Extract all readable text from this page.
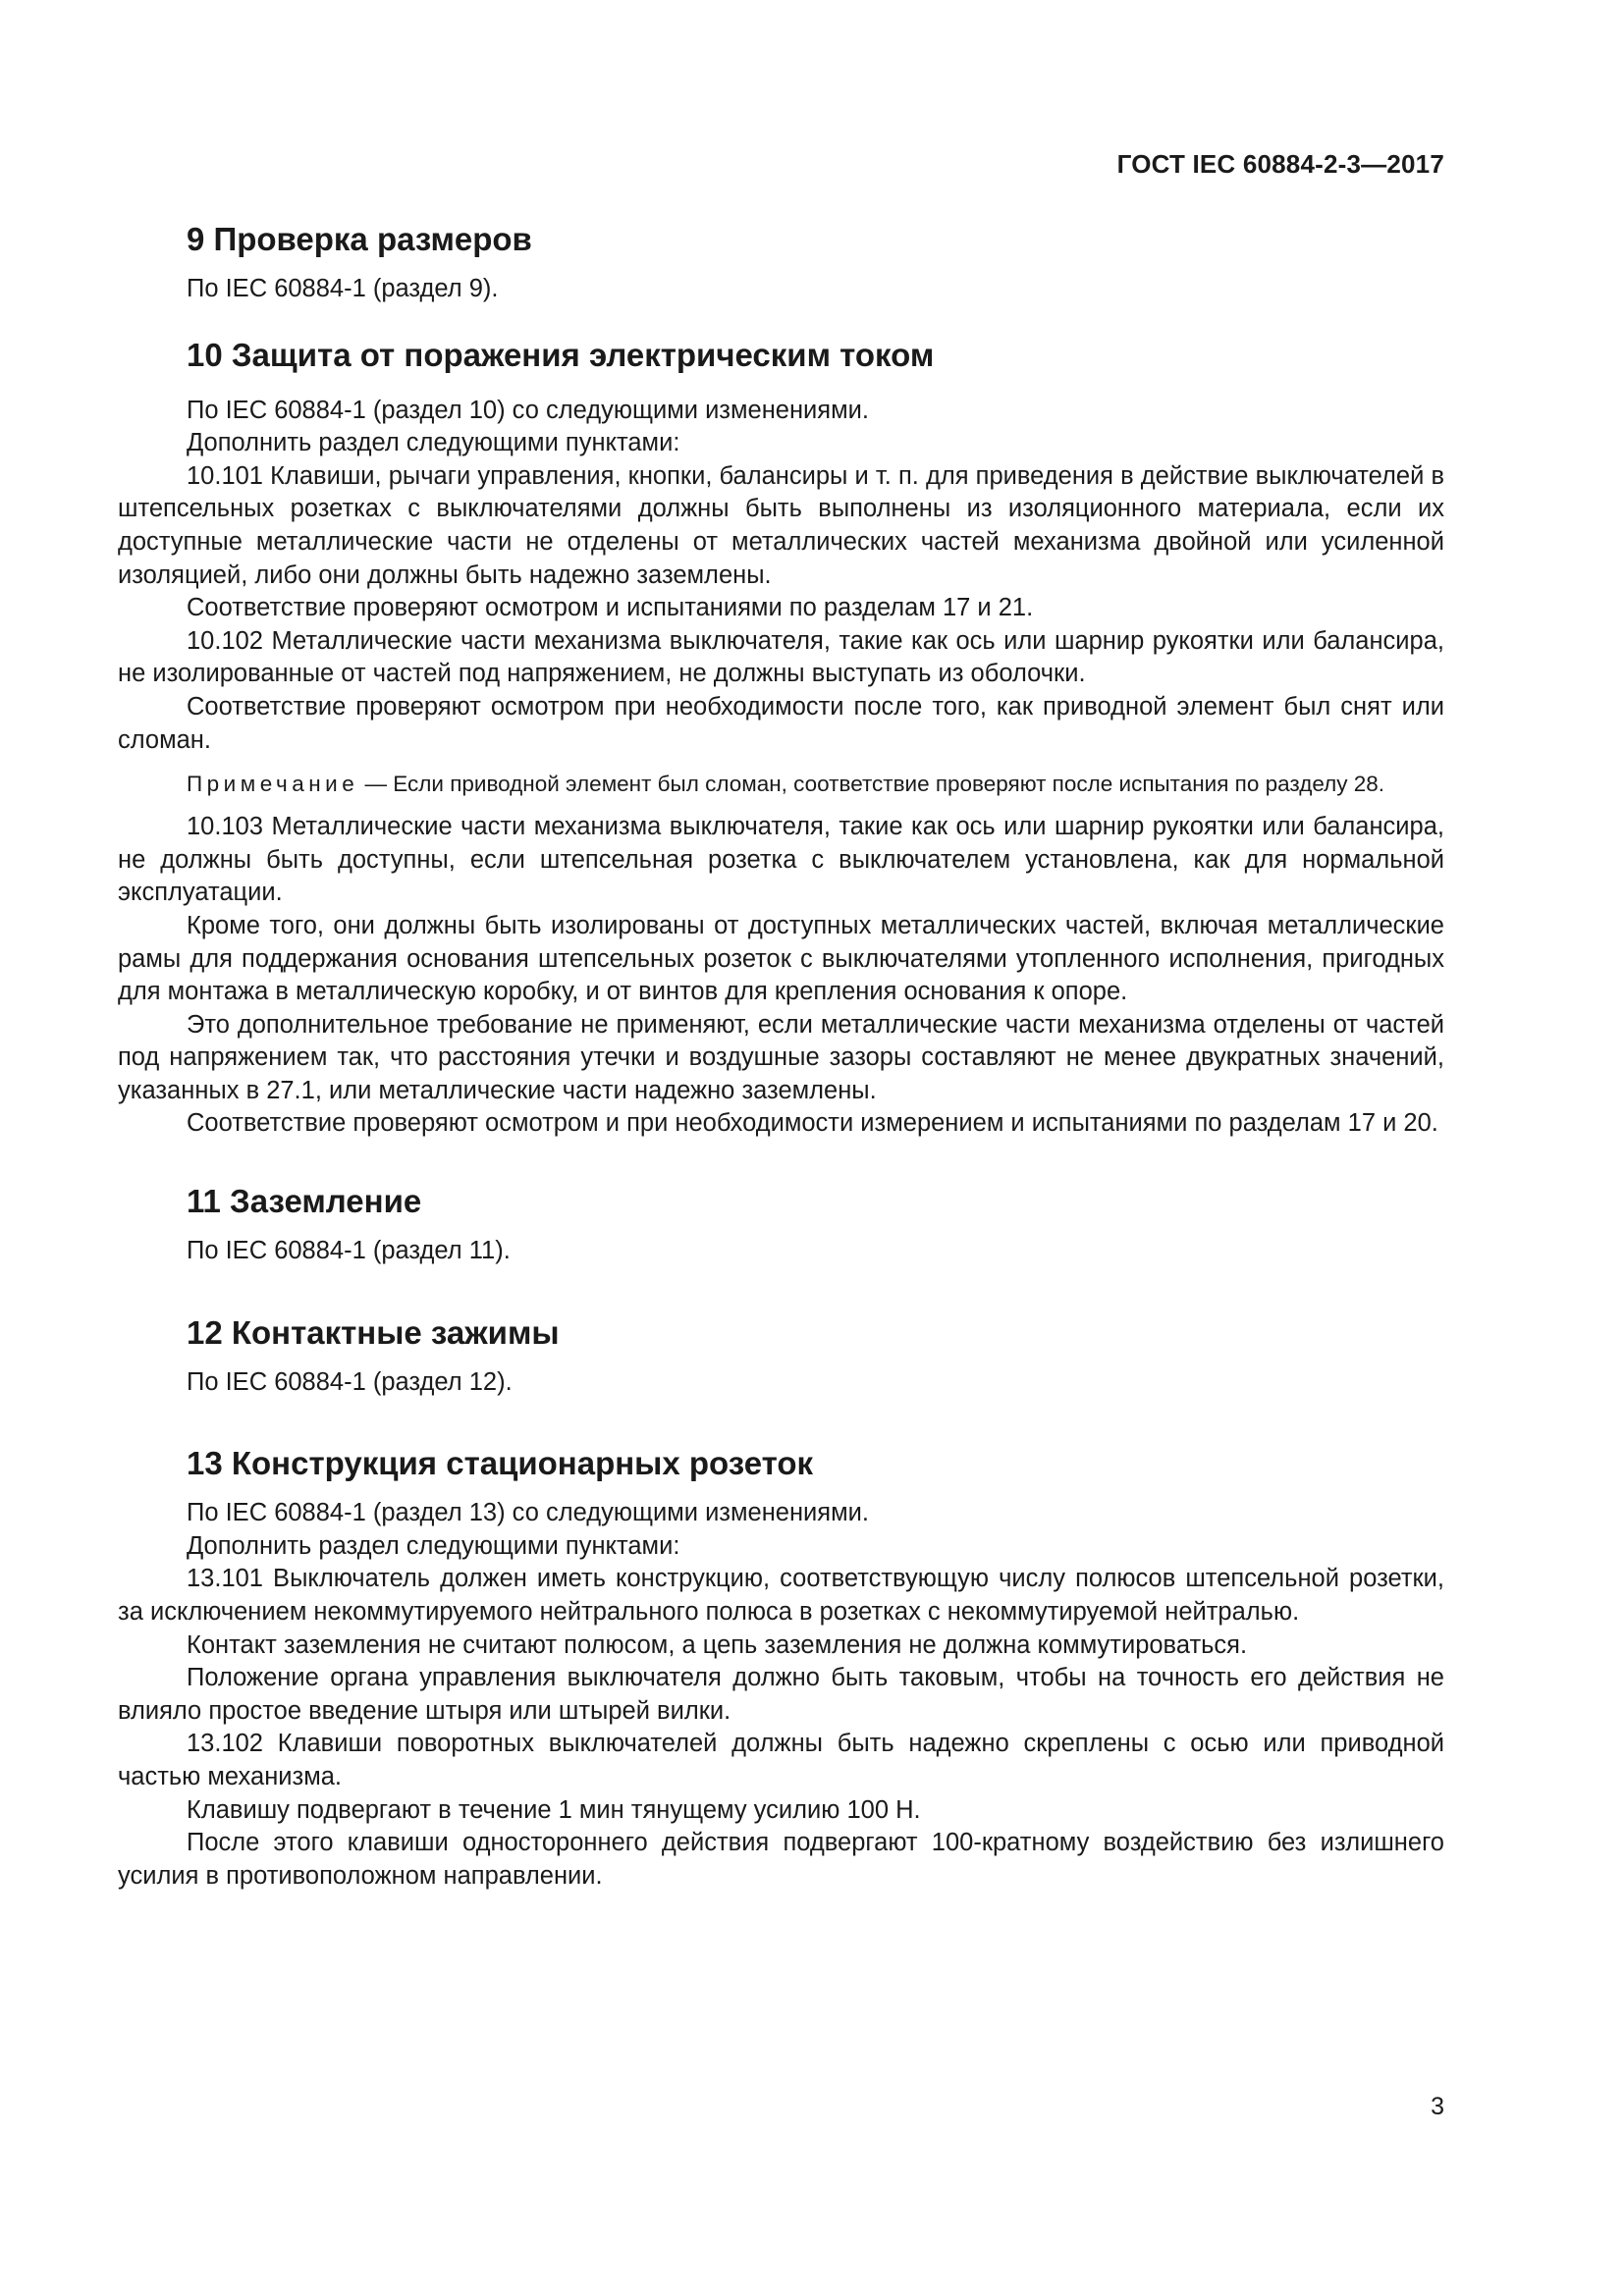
ГОСТ IEC 60884-2-3—2017
9 Проверка размеров

По IEC 60884-1 (раздел 9).

10 Защита от поражения электрическим током

По IEC 60884-1 (раздел 10) со следующими изменениями.

Дополнить раздел следующими пунктами:

10.101 Клавиши, рычаги управления, кнопки, балансиры и т. п. для приведения в действие выключателей в штепсельных розетках с выключателями должны быть выполнены из изоляционного материала, если их доступные металлические части не отделены от металлических частей механизма двойной или усиленной изоляцией, либо они должны быть надежно заземлены.

Соответствие проверяют осмотром и испытаниями по разделам 17 и 21.

10.102 Металлические части механизма выключателя, такие как ось или шарнир рукоятки или балансира, не изолированные от частей под напряжением, не должны выступать из оболочки.

Соответствие проверяют осмотром при необходимости после того, как приводной элемент был снят или сломан.

Примечание — Если приводной элемент был сломан, соответствие проверяют после испытания по разделу 28.

10.103 Металлические части механизма выключателя, такие как ось или шарнир рукоятки или балансира, не должны быть доступны, если штепсельная розетка с выключателем установлена, как для нормальной эксплуатации.

Кроме того, они должны быть изолированы от доступных металлических частей, включая металлические рамы для поддержания основания штепсельных розеток с выключателями утопленного исполнения, пригодных для монтажа в металлическую коробку, и от винтов для крепления основания к опоре.

Это дополнительное требование не применяют, если металлические части механизма отделены от частей под напряжением так, что расстояния утечки и воздушные зазоры составляют не менее двукратных значений, указанных в 27.1, или металлические части надежно заземлены.

Соответствие проверяют осмотром и при необходимости измерением и испытаниями по разделам 17 и 20.

11 Заземление

По IEC 60884-1 (раздел 11).

12 Контактные зажимы

По IEC 60884-1 (раздел 12).

13 Конструкция стационарных розеток

По IEC 60884-1 (раздел 13) со следующими изменениями.

Дополнить раздел следующими пунктами:

13.101 Выключатель должен иметь конструкцию, соответствующую числу полюсов штепсельной розетки, за исключением некоммутируемого нейтрального полюса в розетках с некоммутируемой нейтралью.

Контакт заземления не считают полюсом, а цепь заземления не должна коммутироваться.

Положение органа управления выключателя должно быть таковым, чтобы на точность его действия не влияло простое введение штыря или штырей вилки.

13.102 Клавиши поворотных выключателей должны быть надежно скреплены с осью или приводной частью механизма.

Клавишу подвергают в течение 1 мин тянущему усилию 100 Н.

После этого клавиши одностороннего действия подвергают 100-кратному воздействию без излишнего усилия в противоположном направлении.

3
